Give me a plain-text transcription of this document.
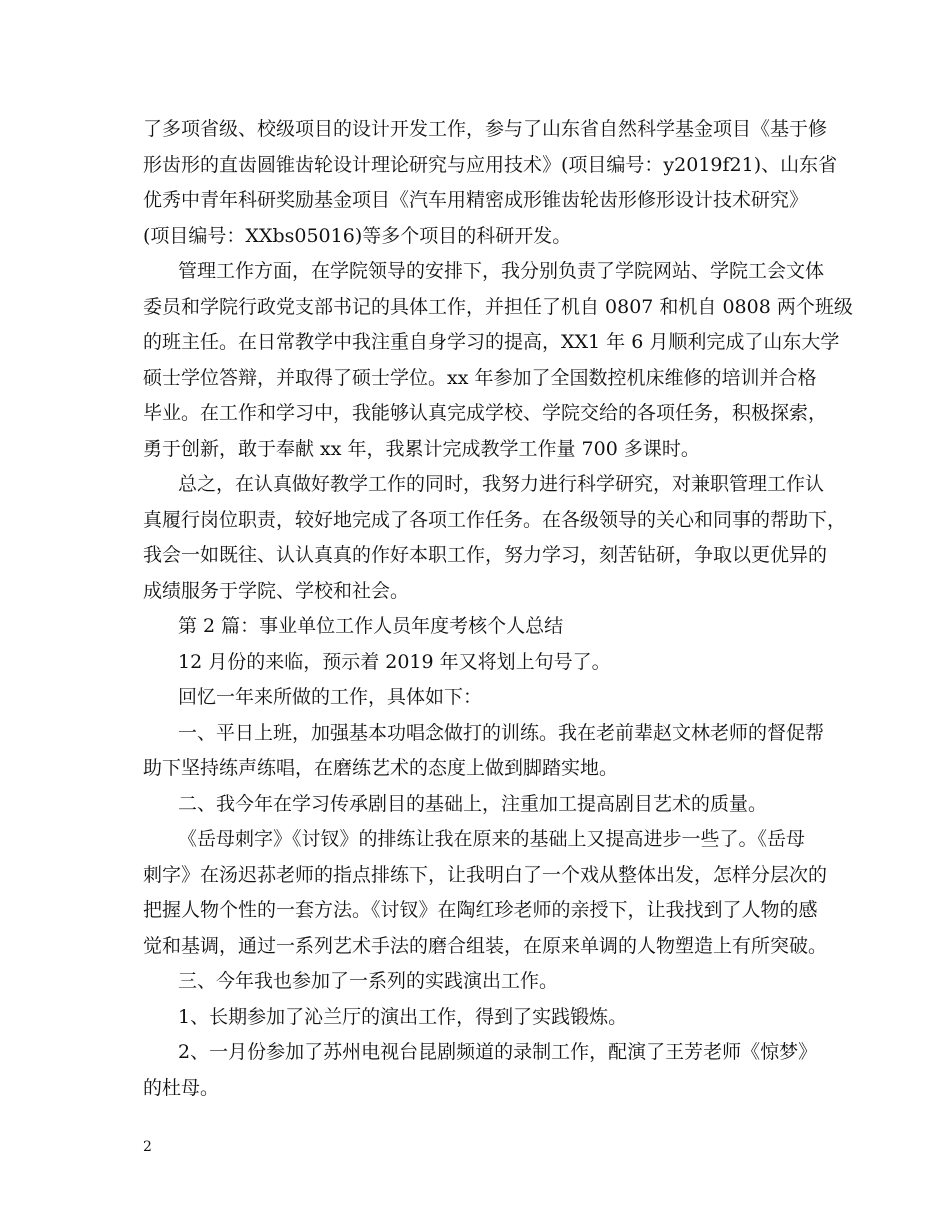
了多项省级、校级项目的设计开发工作，参与了山东省自然科学基金项目《基于修
形齿形的直齿圆锥齿轮设计理论研究与应用技术》(项目编号：y2019f21)、山东省
优秀中青年科研奖励基金项目《汽车用精密成形锥齿轮齿形修形设计技术研究》
(项目编号：XXbs05016)等多个项目的科研开发。
管理工作方面，在学院领导的安排下，我分别负责了学院网站、学院工会文体
委员和学院行政党支部书记的具体工作，并担任了机自 0807 和机自 0808 两个班级
的班主任。在日常教学中我注重自身学习的提高，XX1 年 6 月顺利完成了山东大学
硕士学位答辩，并取得了硕士学位。xx 年参加了全国数控机床维修的培训并合格
毕业。在工作和学习中，我能够认真完成学校、学院交给的各项任务，积极探索，
勇于创新，敢于奉献 xx 年，我累计完成教学工作量 700 多课时。
总之，在认真做好教学工作的同时，我努力进行科学研究，对兼职管理工作认
真履行岗位职责，较好地完成了各项工作任务。在各级领导的关心和同事的帮助下，
我会一如既往、认认真真的作好本职工作，努力学习，刻苦钻研，争取以更优异的
成绩服务于学院、学校和社会。
第 2 篇：事业单位工作人员年度考核个人总结
12 月份的来临，预示着 2019 年又将划上句号了。
回忆一年来所做的工作，具体如下：
一、平日上班，加强基本功唱念做打的训练。我在老前辈赵文林老师的督促帮
助下坚持练声练唱，在磨练艺术的态度上做到脚踏实地。
二、我今年在学习传承剧目的基础上，注重加工提高剧目艺术的质量。
《岳母刺字》《讨钗》的排练让我在原来的基础上又提高进步一些了。《岳母
刺字》在汤迟荪老师的指点排练下，让我明白了一个戏从整体出发，怎样分层次的
把握人物个性的一套方法。《讨钗》在陶红珍老师的亲授下，让我找到了人物的感
觉和基调，通过一系列艺术手法的磨合组装，在原来单调的人物塑造上有所突破。
三、今年我也参加了一系列的实践演出工作。
1、长期参加了沁兰厅的演出工作，得到了实践锻炼。
2、一月份参加了苏州电视台昆剧频道的录制工作，配演了王芳老师《惊梦》
的杜母。
2
